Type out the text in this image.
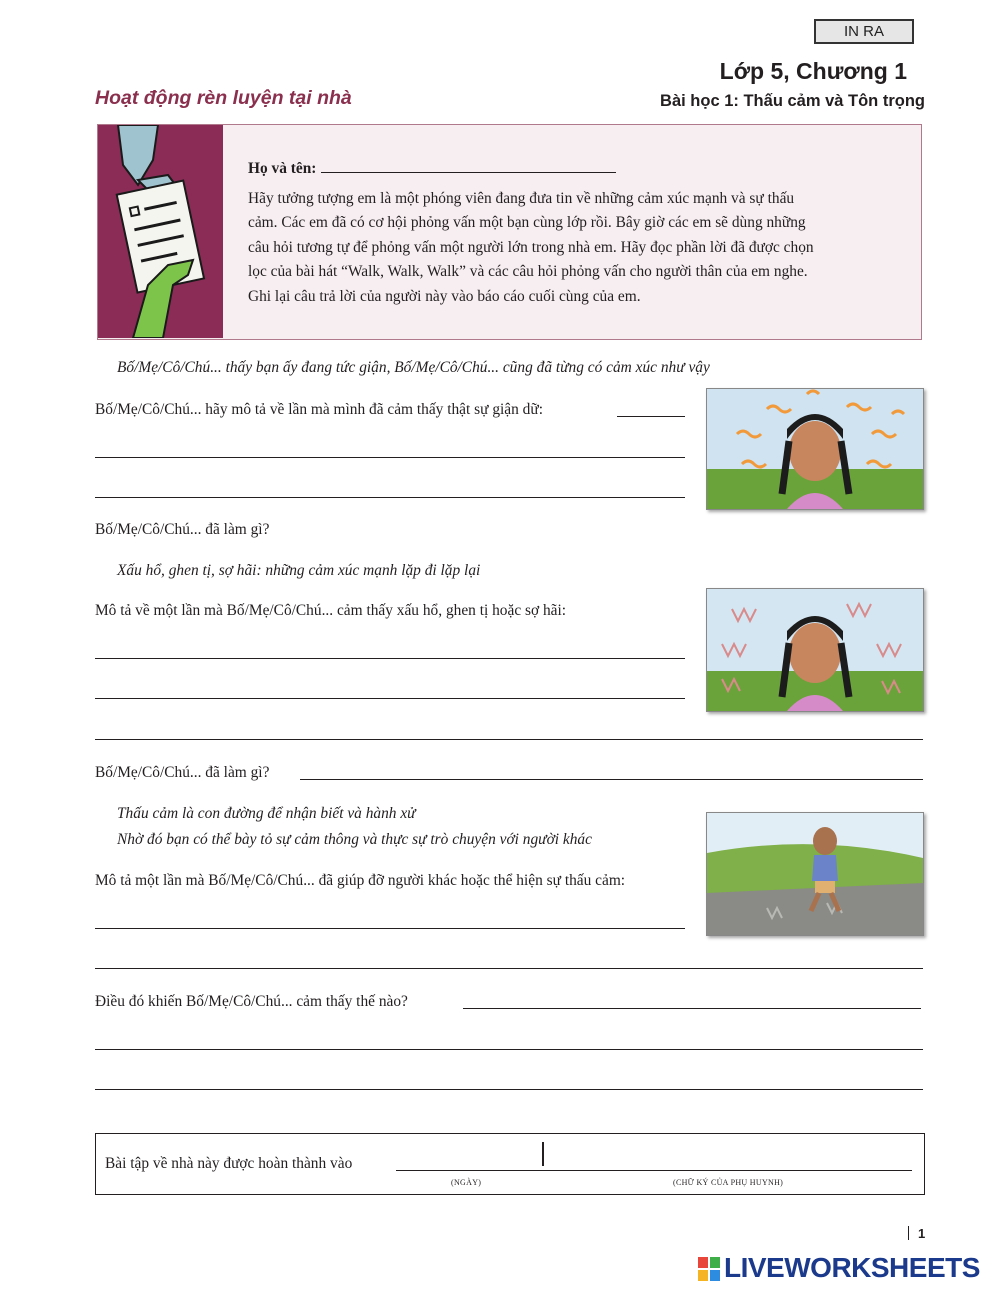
IN RA
Lớp 5, Chương 1
Hoạt động rèn luyện tại nhà	Bài học 1: Thấu cảm và Tôn trọng
Họ và tên:
Hãy tưởng tượng em là một phóng viên đang đưa tin về những cảm xúc mạnh và sự thấu
cảm. Các em đã có cơ hội phỏng vấn một bạn cùng lớp rồi. Bây giờ các em sẽ dùng những
câu hỏi tương tự để phỏng vấn một người lớn trong nhà em. Hãy đọc phần lời đã được chọn
lọc của bài hát “Walk, Walk, Walk” và các câu hỏi phỏng vấn cho người thân của em nghe.
Ghi lại câu trả lời của người này vào báo cáo cuối cùng của em.
Bố/Mẹ/Cô/Chú... thấy bạn ấy đang tức giận, Bố/Mẹ/Cô/Chú... cũng đã từng có cảm xúc như vậy
Bố/Mẹ/Cô/Chú... hãy mô tả về lần mà mình đã cảm thấy thật sự giận dữ:
Bố/Mẹ/Cô/Chú... đã làm gì?
Xấu hổ, ghen tị, sợ hãi: những cảm xúc mạnh lặp đi lặp lại
Mô tả về một lần mà Bố/Mẹ/Cô/Chú... cảm thấy xấu hổ, ghen tị hoặc sợ hãi:
Bố/Mẹ/Cô/Chú... đã làm gì?
Thấu cảm là con đường để nhận biết và hành xử
Nhờ đó bạn có thể bày tỏ sự cảm thông và thực sự trò chuyện với người khác
Mô tả một lần mà Bố/Mẹ/Cô/Chú... đã giúp đỡ người khác hoặc thể hiện sự thấu cảm:
Điều đó khiến Bố/Mẹ/Cô/Chú... cảm thấy thế nào?
Bài tập về nhà này được hoàn thành vào
(NGÀY)	(CHỮ KÝ CỦA PHỤ HUYNH)
1
LIVEWORKSHEETS
